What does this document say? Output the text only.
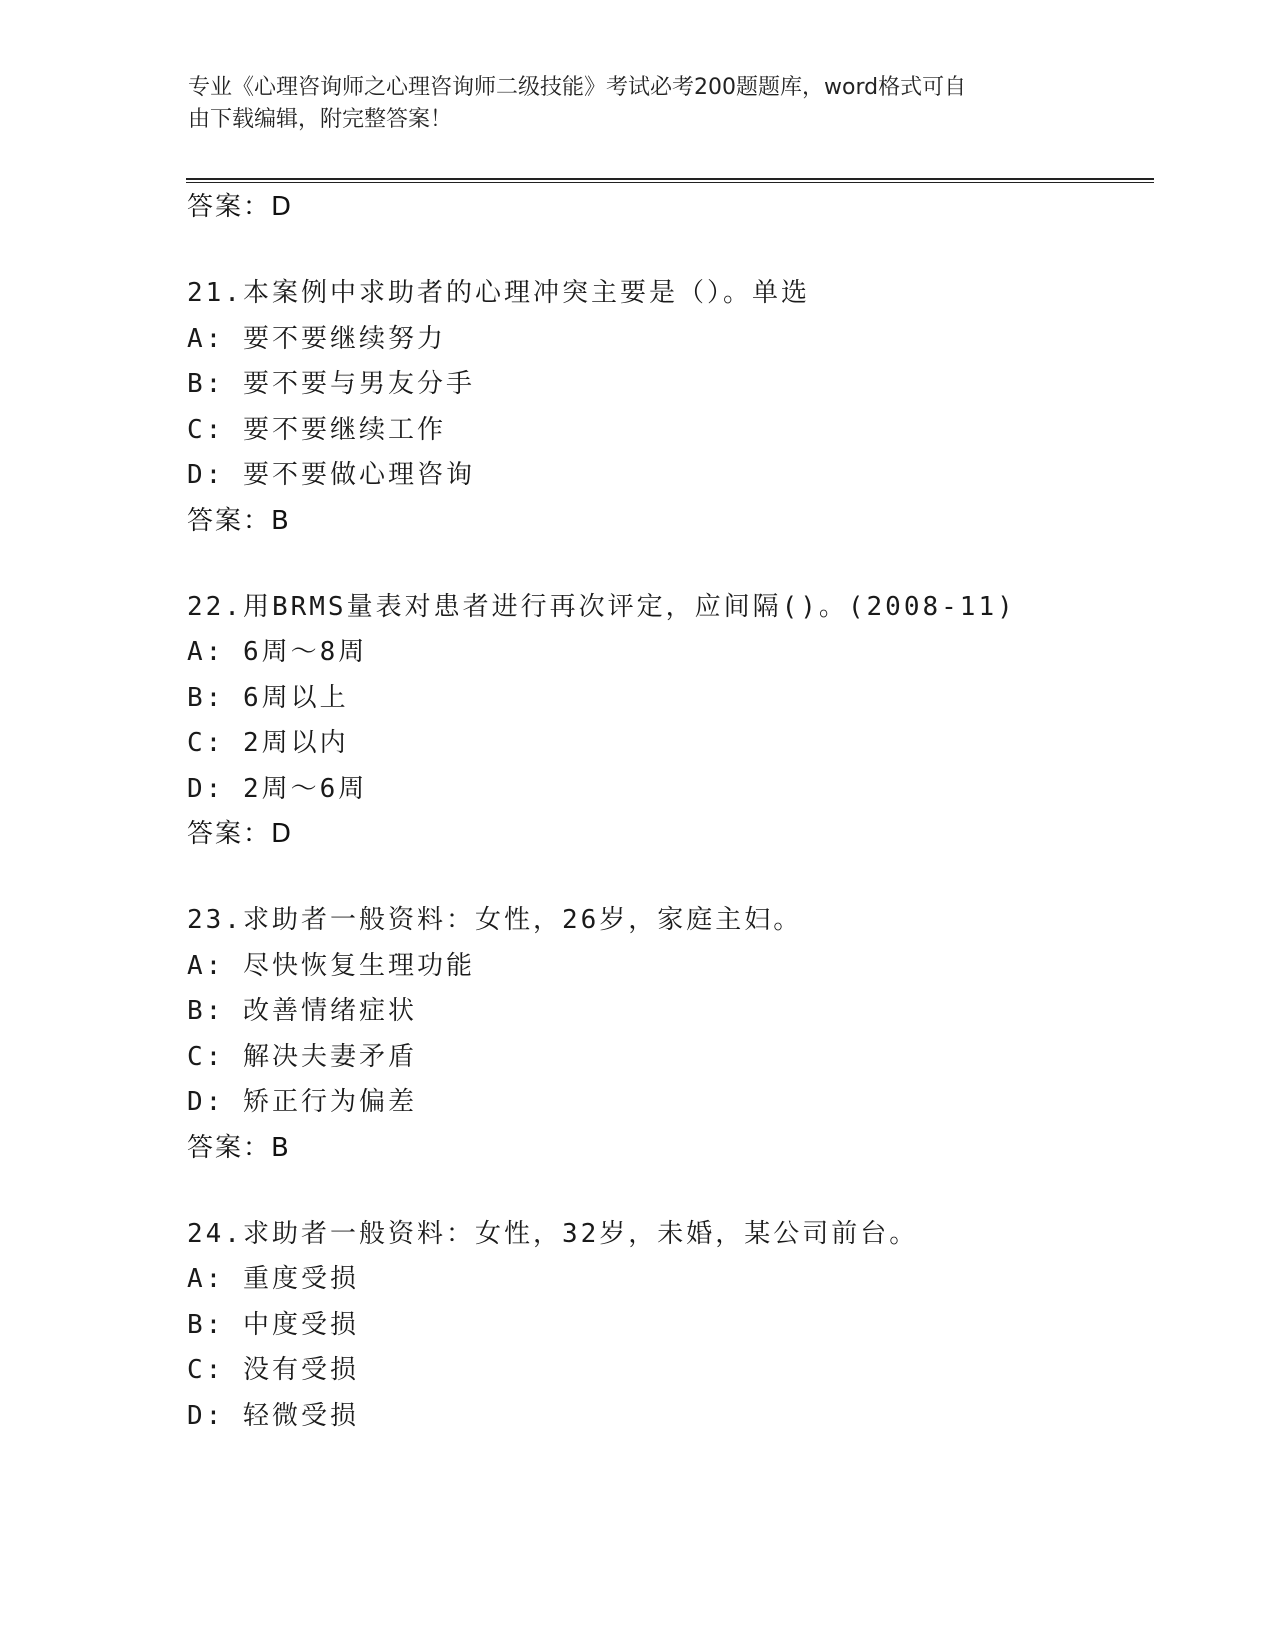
专业《心理咨询师之心理咨询师二级技能》考试必考200题题库，word格式可自

由下载编辑，附完整答案！

答案：D
21.本案例中求助者的心理冲突主要是（）。单选
A: 要不要继续努力
B: 要不要与男友分手
C: 要不要继续工作
D: 要不要做心理咨询
答案：B
22.用BRMS量表对患者进行再次评定，应间隔()。(2008-11)
A: 6周～8周
B: 6周以上
C: 2周以内
D: 2周～6周
答案：D
23.求助者一般资料：女性，26岁，家庭主妇。
A: 尽快恢复生理功能
B: 改善情绪症状
C: 解决夫妻矛盾
D: 矫正行为偏差
答案：B
24.求助者一般资料：女性，32岁，未婚，某公司前台。
A: 重度受损
B: 中度受损
C: 没有受损
D: 轻微受损
